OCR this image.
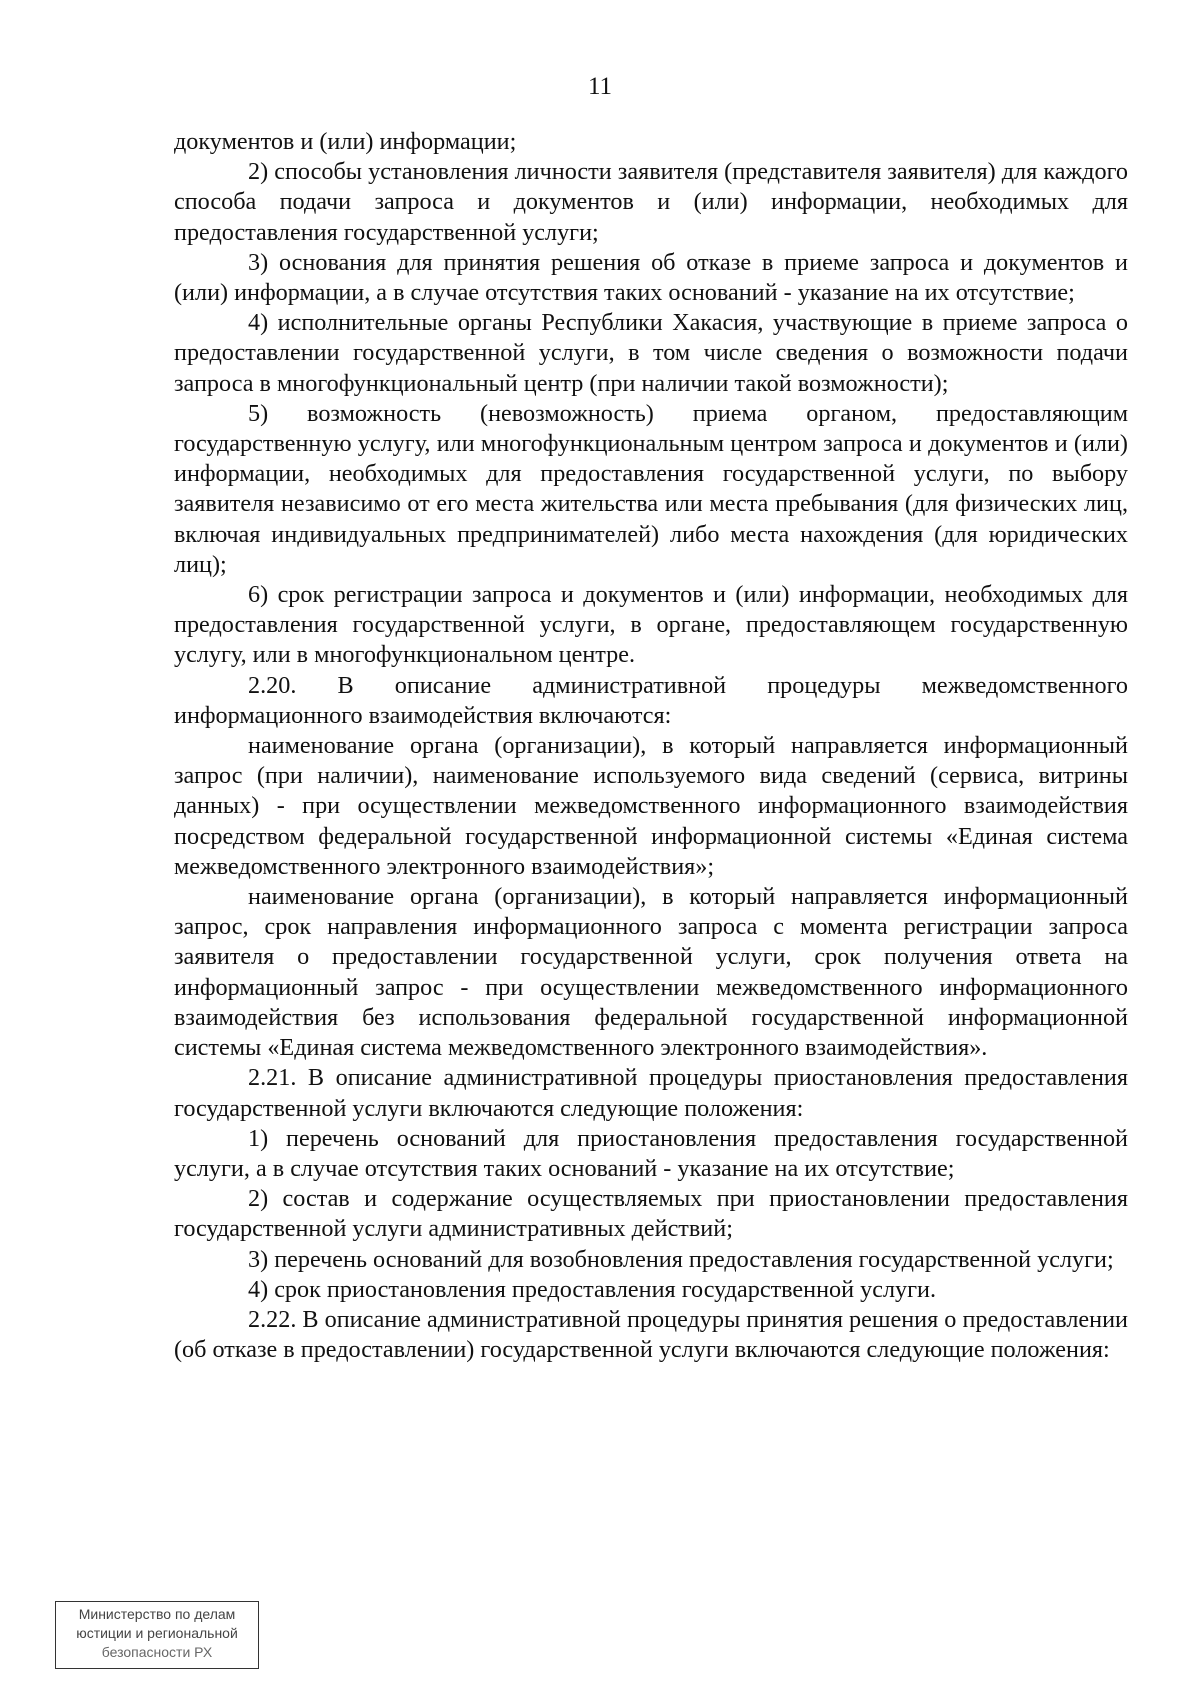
11

документов и (или) информации;

2) способы установления личности заявителя (представителя заявителя) для каждого способа подачи запроса и документов и (или) информации, необходимых для предоставления государственной услуги;

3) основания для принятия решения об отказе в приеме запроса и документов и (или) информации, а в случае отсутствия таких оснований - указание на их отсутствие;

4) исполнительные органы Республики Хакасия, участвующие в приеме запроса о предоставлении государственной услуги, в том числе сведения о возможности подачи запроса в многофункциональный центр (при наличии такой возможности);

5) возможность (невозможность) приема органом, предоставляющим государственную услугу, или многофункциональным центром запроса и документов и (или) информации, необходимых для предоставления государственной услуги, по выбору заявителя независимо от его места жительства или места пребывания (для физических лиц, включая индивидуальных предпринимателей) либо места нахождения (для юридических лиц);

6) срок регистрации запроса и документов и (или) информации, необходимых для предоставления государственной услуги, в органе, предоставляющем государственную услугу, или в многофункциональном центре.

2.20. В описание административной процедуры межведомственного информационного взаимодействия включаются:

наименование органа (организации), в который направляется информационный запрос (при наличии), наименование используемого вида сведений (сервиса, витрины данных) - при осуществлении межведомственного информационного взаимодействия посредством федеральной государственной информационной системы «Единая система межведомственного электронного взаимодействия»;

наименование органа (организации), в который направляется информационный запрос, срок направления информационного запроса с момента регистрации запроса заявителя о предоставлении государственной услуги, срок получения ответа на информационный запрос - при осуществлении межведомственного информационного взаимодействия без использования федеральной государственной информационной системы «Единая система межведомственного электронного взаимодействия».

2.21. В описание административной процедуры приостановления предоставления государственной услуги включаются следующие положения:

1) перечень оснований для приостановления предоставления государственной услуги, а в случае отсутствия таких оснований - указание на их отсутствие;

2) состав и содержание осуществляемых при приостановлении предоставления государственной услуги административных действий;

3) перечень оснований для возобновления предоставления государственной услуги;

4) срок приостановления предоставления государственной услуги.

2.22. В описание административной процедуры принятия решения о предоставлении (об отказе в предоставлении) государственной услуги включаются следующие положения:

Министерство по делам
юстиции и региональной
безопасности РХ
